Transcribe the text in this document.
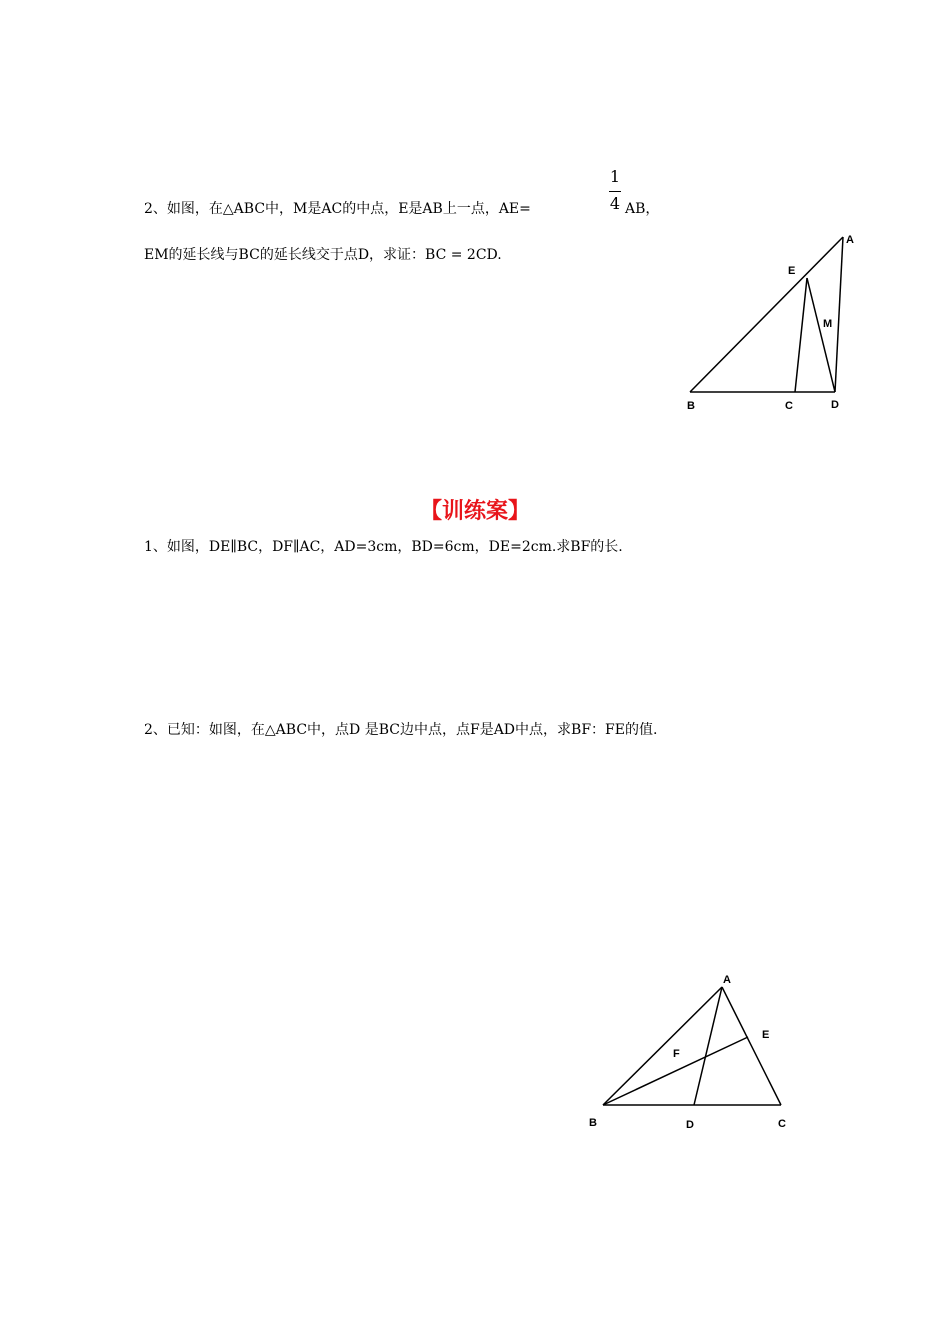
2、如图，在△ABC中，M是AC的中点，E是AB上一点，AE=
1
4 AB，
EM的延长线与BC的延长线交于点D，求证：BC = 2CD.
A
E
M
B	C	D
【训练案】
1、如图，DE∥BC，DF∥AC，AD=3cm，BD=6cm，DE=2cm.求BF的长.
2、已知：如图，在△ABC中，点D 是BC边中点，点F是AD中点，求BF：FE的值.
A
E
F
B	D	C
